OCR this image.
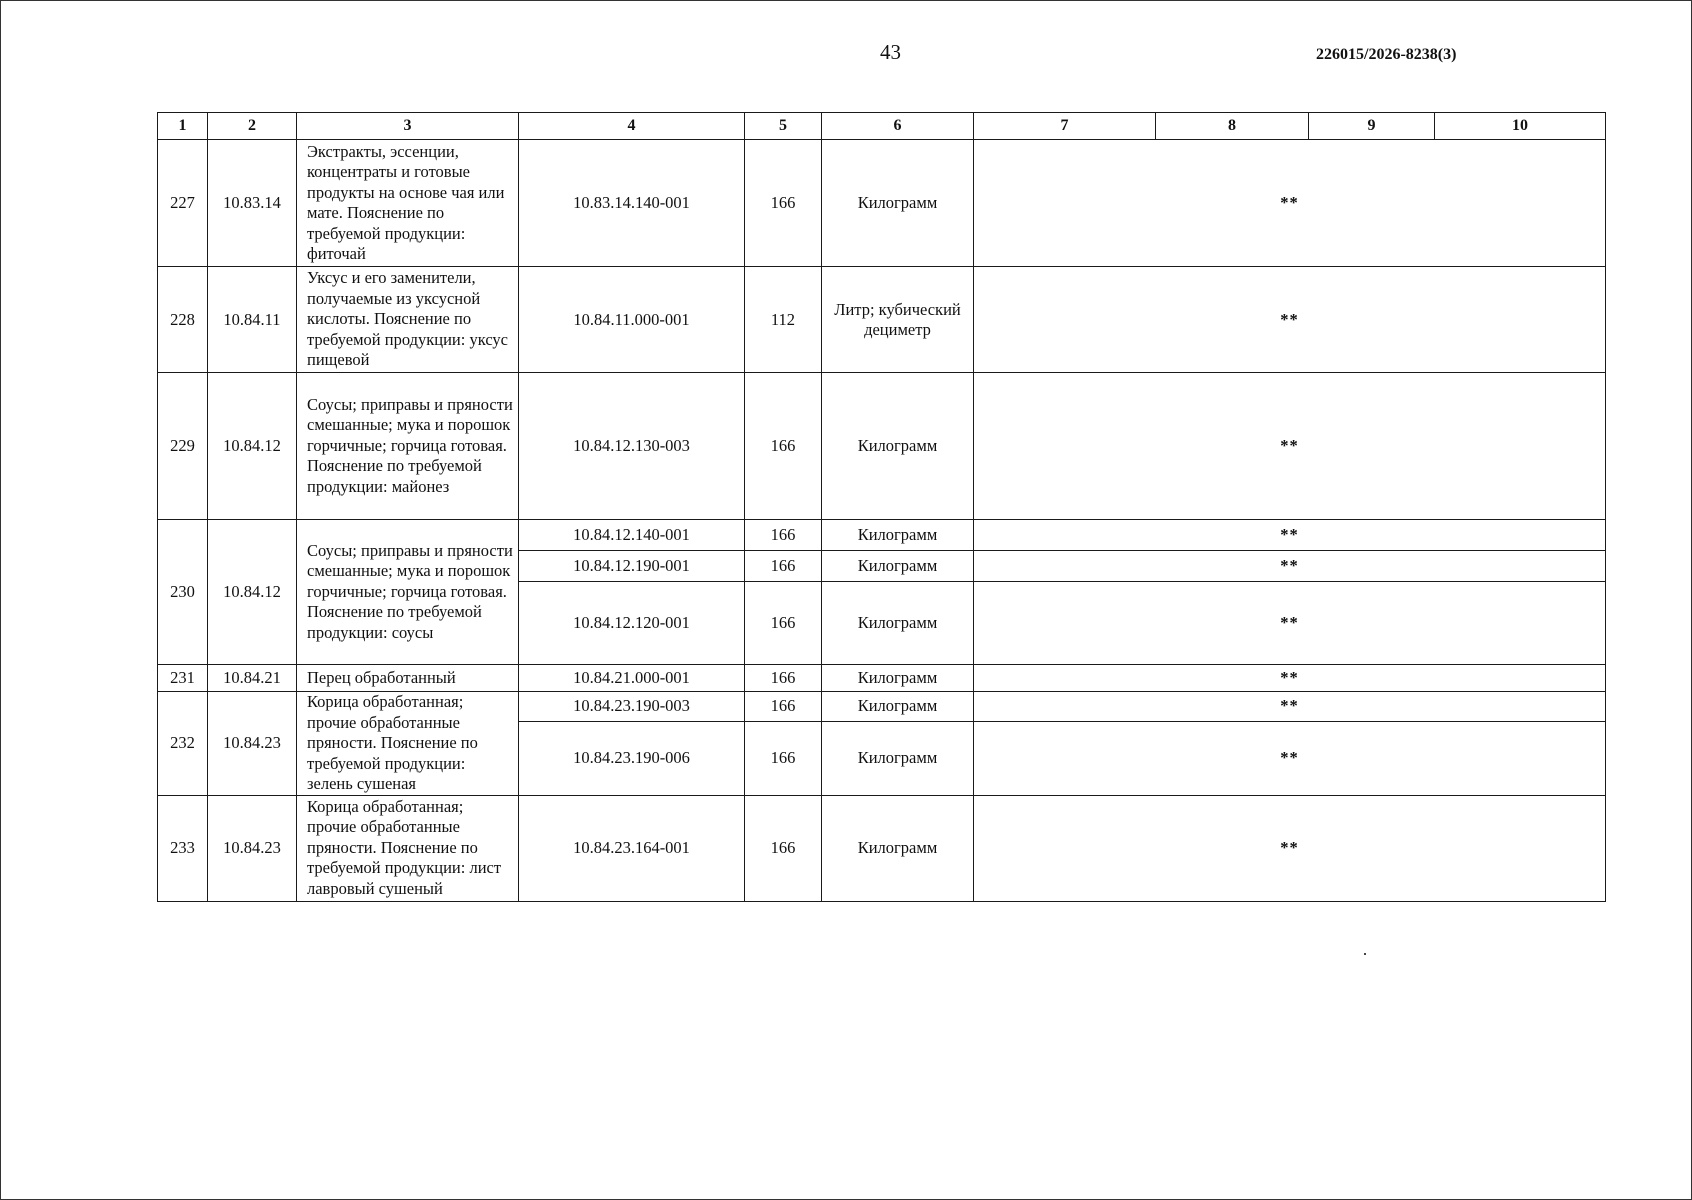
43	226015/2026-8238(3)
1	2	3	4	5	6	7	8	9	10
227	10.83.14	Экстракты, эссенции, концентраты и готовые продукты на основе чая или мате. Пояснение по требуемой продукции: фиточай	10.83.14.140-001	166	Килограмм	**			
228	10.84.11	Уксус и его заменители, получаемые из уксусной кислоты. Пояснение по требуемой продукции: уксус пищевой	10.84.11.000-001	112	Литр; кубический дециметр	**			
229	10.84.12	Соусы; приправы и пряности смешанные; мука и порошок горчичные; горчица готовая. Пояснение по требуемой продукции: майонез	10.84.12.130-003	166	Килограмм	**			
230	10.84.12	Соусы; приправы и пряности смешанные; мука и порошок горчичные; горчица готовая. Пояснение по требуемой продукции: соусы	10.84.12.140-001	166	Килограмм	**			
			10.84.12.190-001	166	Килограмм	**			
			10.84.12.120-001	166	Килограмм	**			
231	10.84.21	Перец обработанный	10.84.21.000-001	166	Килограмм	**			
232	10.84.23	Корица обработанная; прочие обработанные пряности. Пояснение по требуемой продукции: зелень сушеная	10.84.23.190-003	166	Килограмм	**			
			10.84.23.190-006	166	Килограмм	**			
233	10.84.23	Корица обработанная; прочие обработанные пряности. Пояснение по требуемой продукции: лист лавровый сушеный	10.84.23.164-001	166	Килограмм	**			
